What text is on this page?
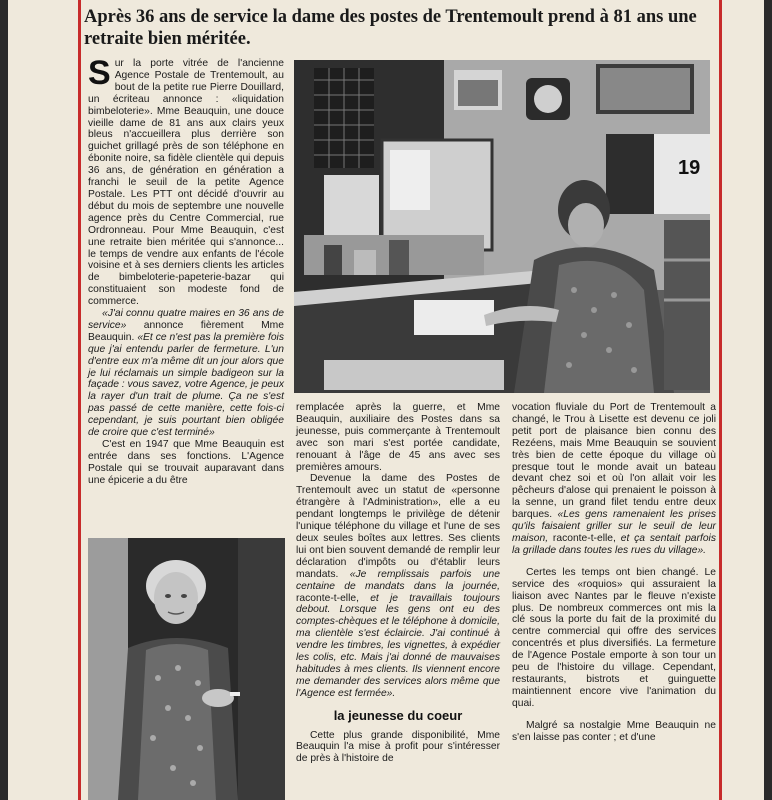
Après 36 ans de service la dame des postes de Trentemoult prend à 81 ans une retraite bien méritée.

Sur la porte vitrée de l'ancienne Agence Postale de Trentemoult, au bout de la petite rue Pierre Douillard, un écriteau annonce : «liquidation bimbeloterie». Mme Beauquin, une douce vieille dame de 81 ans aux clairs yeux bleus n'accueillera plus derrière son guichet grillagé près de son téléphone en ébonite noire, sa fidèle clientèle qui depuis 36 ans, de génération en génération a franchi le seuil de la petite Agence Postale. Les PTT ont décidé d'ouvrir au début du mois de septembre une nouvelle agence près du Centre Commercial, rue Ordronneau. Pour Mme Beauquin, c'est une retraite bien méritée qui s'annonce... le temps de vendre aux enfants de l'école voisine et à ses derniers clients les articles de bimbeloterie-papeterie-bazar qui constituaient son modeste fond de commerce.

«J'ai connu quatre maires en 36 ans de service» annonce fièrement Mme Beauquin. «Et ce n'est pas la première fois que j'ai entendu parler de fermeture. L'un d'entre eux m'a même dit un jour alors que je lui réclamais un simple badigeon sur la façade : vous savez, votre Agence, je peux la rayer d'un trait de plume. Ça ne s'est pas passé de cette manière, cette fois-ci cependant, je suis pourtant bien obligée de croire que c'est terminé»

C'est en 1947 que Mme Beauquin est entrée dans ses fonctions. L'Agence Postale qui se trouvait auparavant dans une épicerie a du être

19

remplacée après la guerre, et Mme Beauquin, auxiliaire des Postes dans sa jeunesse, puis commerçante à Trentemoult avec son mari s'est portée candidate, renouant à l'âge de 45 ans avec ses premières amours.

Devenue la dame des Postes de Trentemoult avec un statut de «personne étrangère à l'Administration», elle a eu pendant longtemps le privilège de détenir l'unique téléphone du village et l'une de ses deux seules boîtes aux lettres. Ses clients lui ont bien souvent demandé de remplir leur déclaration d'impôts ou d'établir leurs mandats. «Je remplissais parfois une centaine de mandats dans la journée, raconte-t-elle, et je travaillais toujours debout. Lorsque les gens ont eu des comptes-chèques et le téléphone à domicile, ma clientèle s'est éclaircie. J'ai continué à vendre les timbres, les vignettes, à expédier les colis, etc. Mais j'ai donné de mauvaises habitudes à mes clients. Ils viennent encore me demander des services alors même que l'Agence est fermée».

la jeunesse du coeur

Cette plus grande disponibilité, Mme Beauquin l'a mise à profit pour s'intéresser de près à l'histoire de

vocation fluviale du Port de Trentemoult a changé, le Trou à Lisette est devenu ce joli petit port de plaisance bien connu des Rezéens, mais Mme Beauquin se souvient très bien de cette époque du village où presque tout le monde avait un bateau devant chez soi et où l'on allait voir les pêcheurs d'alose qui prenaient le poisson à la senne, un grand filet tendu entre deux barques. «Les gens ramenaient les prises qu'ils faisaient griller sur le seuil de leur maison, raconte-t-elle, et ça sentait parfois la grillade dans toutes les rues du village».

Certes les temps ont bien changé. Le service des «roquios» qui assuraient la liaison avec Nantes par le fleuve n'existe plus. De nombreux commerces ont mis la clé sous la porte du fait de la proximité du centre commercial qui offre des services concentrés et plus diversifiés. La fermeture de l'Agence Postale emporte à son tour un peu de l'histoire du village. Cependant, restaurants, bistrots et guinguette maintiennent encore vive l'animation du quai.

Malgré sa nostalgie Mme Beauquin ne s'en laisse pas conter ; et d'une
